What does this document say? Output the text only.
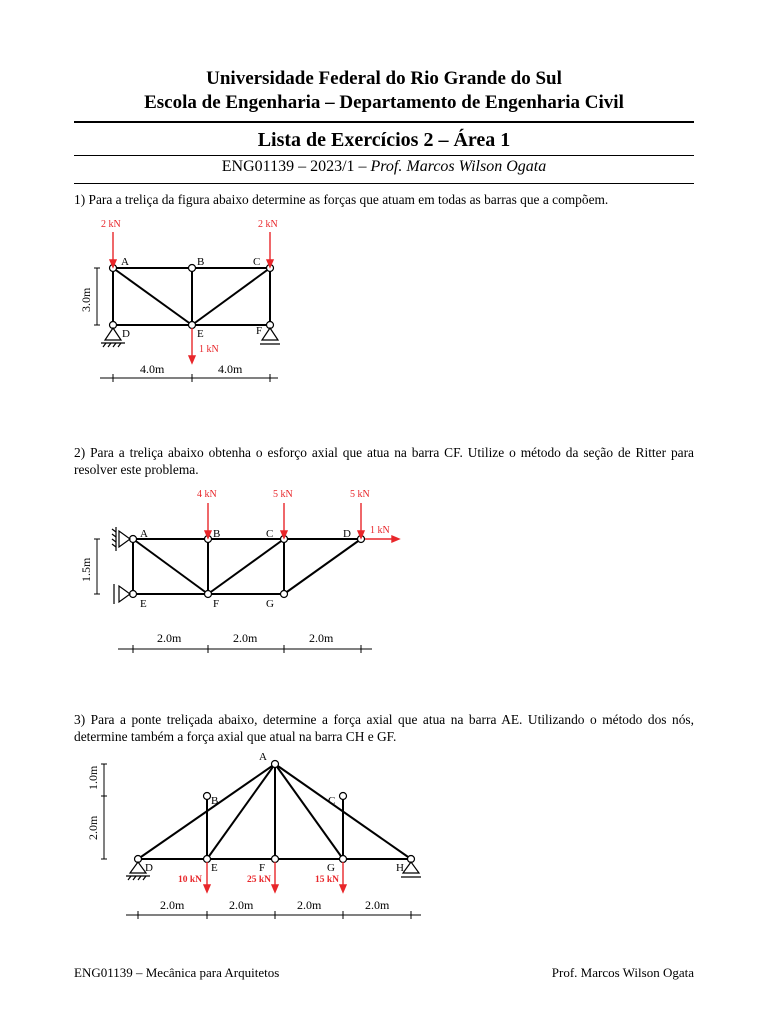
Universidade Federal do Rio Grande do Sul
Escola de Engenharia – Departamento de Engenharia Civil
Lista de Exercícios 2 – Área 1
ENG01139 – 2023/1 – Prof. Marcos Wilson Ogata
1) Para a treliça da figura abaixo determine as forças que atuam em todas as barras que a compõem.
2) Para a treliça abaixo obtenha o esforço axial que atua na barra CF. Utilize o método da seção de Ritter para resolver este problema.
3) Para a ponte treliçada abaixo, determine a força axial que atua na barra AE. Utilizando o método dos nós, determine também a força axial que atual na barra CH e GF.
A	B	C
D	E	F
2 kN	2 kN
1 kN
3.0m
4.0m	4.0m
A	B	C	D
E	F	G
4 kN	5 kN	5 kN
1 kN
1.5m
2.0m	2.0m	2.0m
A
B	C
D	E	F	G	H
10 kN	25 kN	15 kN
1.0m
2.0m
2.0m	2.0m	2.0m	2.0m
ENG01139 – Mecânica para Arquitetos	Prof. Marcos Wilson Ogata
